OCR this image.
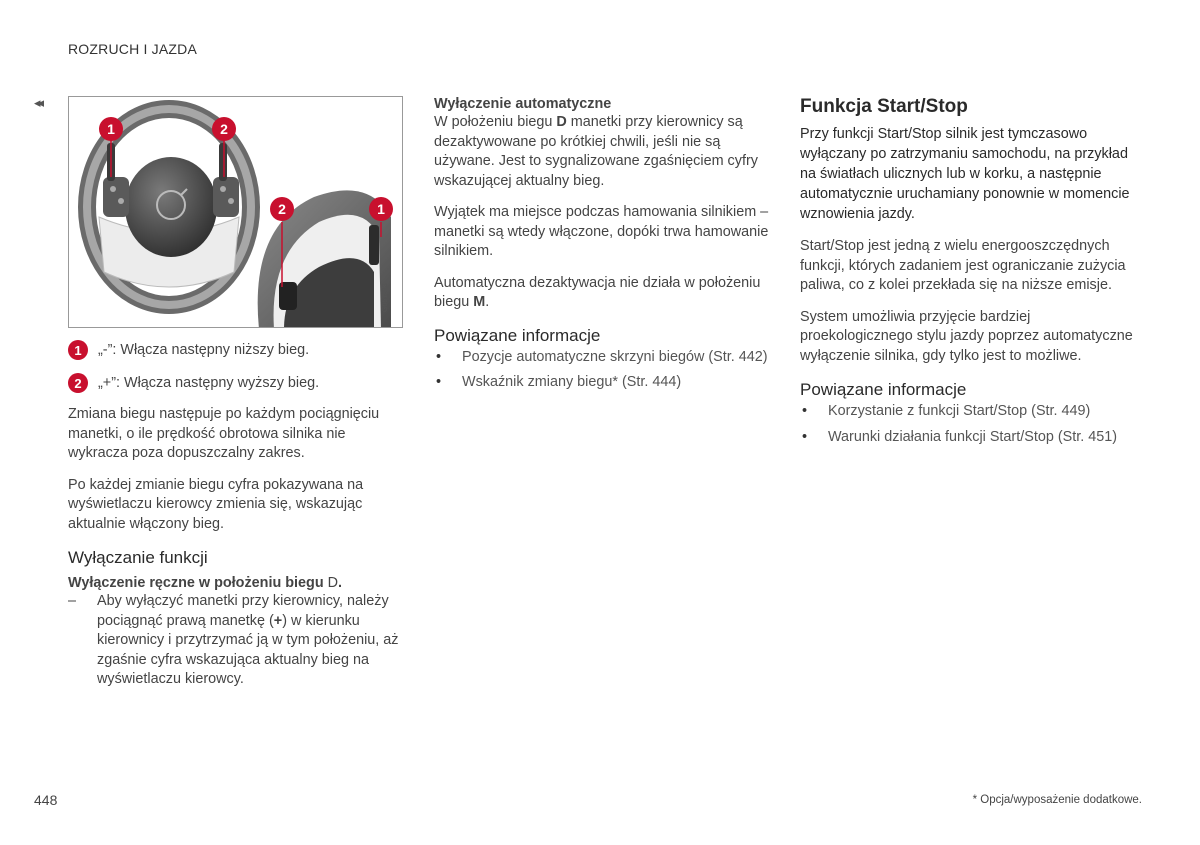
ROZRUCH I JAZDA
◂◂
1	2
2	1
G051893
1	„-”: Włącza następny niższy bieg.
2	„+”: Włącza następny wyższy bieg.

Zmiana biegu następuje po każdym pociągnięciu manetki, o ile prędkość obrotowa silnika nie wykracza poza dopuszczalny zakres.

Po każdej zmianie biegu cyfra pokazywana na wyświetlaczu kierowcy zmienia się, wskazując aktualnie włączony bieg.

Wyłączanie funkcji
Wyłączenie ręczne w położeniu biegu D.
– Aby wyłączyć manetki przy kierownicy, należy pociągnąć prawą manetkę (+) w kierunku kierownicy i przytrzymać ją w tym położeniu, aż zgaśnie cyfra wskazująca aktualny bieg na wyświetlaczu kierowcy.
Wyłączenie automatyczne

W położeniu biegu D manetki przy kierownicy są dezaktywowane po krótkiej chwili, jeśli nie są używane. Jest to sygnalizowane zgaśnięciem cyfry wskazującej aktualny bieg.

Wyjątek ma miejsce podczas hamowania silnikiem – manetki są wtedy włączone, dopóki trwa hamowanie silnikiem.

Automatyczna dezaktywacja nie działa w położeniu biegu M.

Powiązane informacje
• Pozycje automatyczne skrzyni biegów (Str. 442)
• Wskaźnik zmiany biegu* (Str. 444)
Funkcja Start/Stop

Przy funkcji Start/Stop silnik jest tymczasowo wyłączany po zatrzymaniu samochodu, na przykład na światłach ulicznych lub w korku, a następnie automatycznie uruchamiany ponownie w momencie wznowienia jazdy.

Start/Stop jest jedną z wielu energooszczędnych funkcji, których zadaniem jest ograniczanie zużycia paliwa, co z kolei przekłada się na niższe emisje.

System umożliwia przyjęcie bardziej proekologicznego stylu jazdy poprzez automatyczne wyłączenie silnika, gdy tylko jest to możliwe.

Powiązane informacje
• Korzystanie z funkcji Start/Stop (Str. 449)
• Warunki działania funkcji Start/Stop (Str. 451)
448	* Opcja/wyposażenie dodatkowe.
